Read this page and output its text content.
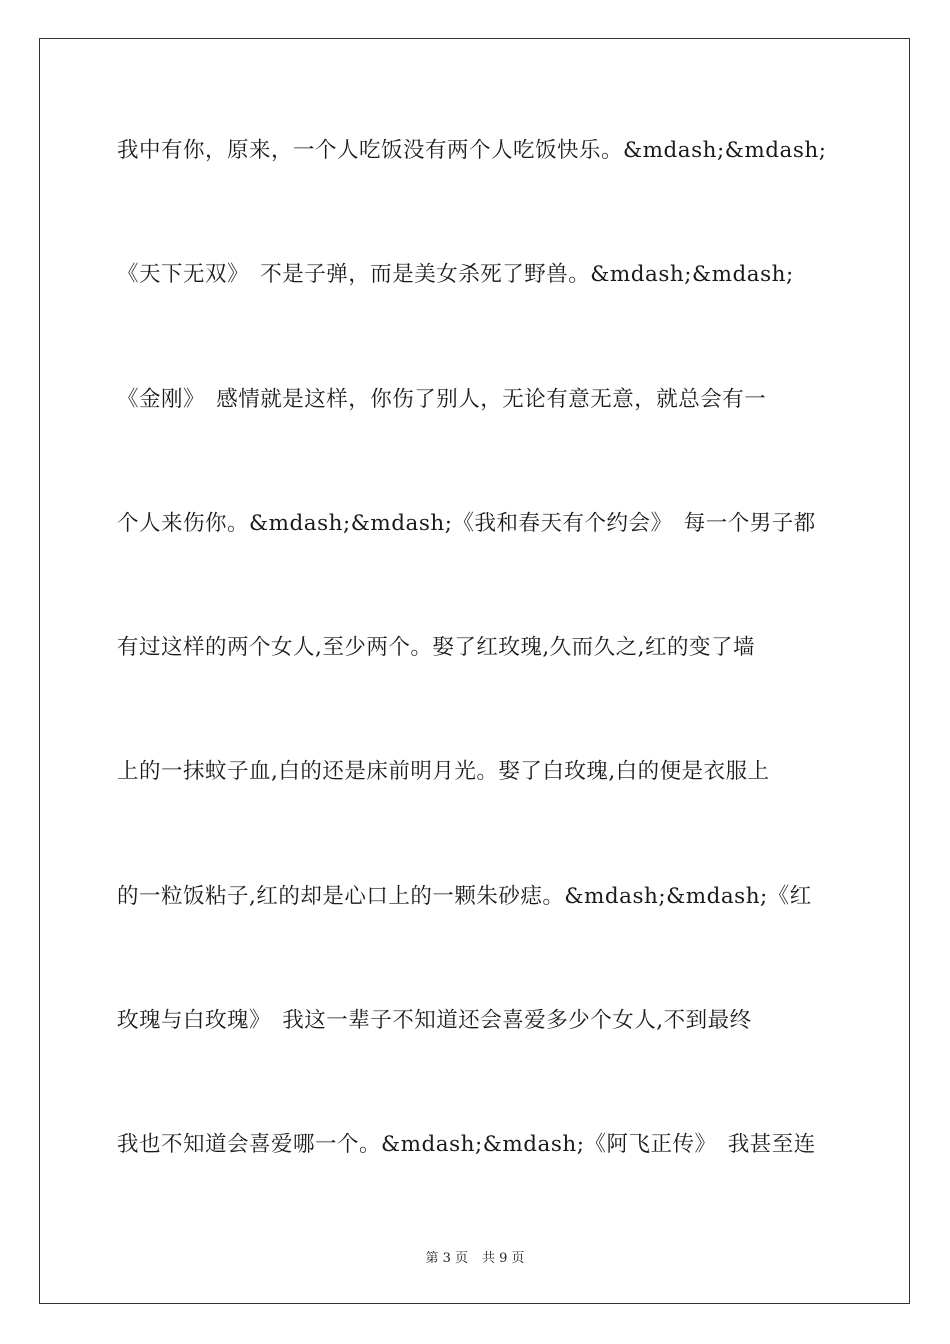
我中有你，原来，一个人吃饭没有两个人吃饭快乐。&mdash;&mdash;
《天下无双》　不是子弹，而是美女杀死了野兽。&mdash;&mdash;
《金刚》　感情就是这样，你伤了别人，无论有意无意，就总会有一
个人来伤你。&mdash;&mdash;《我和春天有个约会》　每一个男子都
有过这样的两个女人,至少两个。娶了红玫瑰,久而久之,红的变了墙
上的一抹蚊子血,白的还是床前明月光。娶了白玫瑰,白的便是衣服上
的一粒饭粘子,红的却是心口上的一颗朱砂痣。&mdash;&mdash;《红
玫瑰与白玫瑰》　我这一辈子不知道还会喜爱多少个女人,不到最终
我也不知道会喜爱哪一个。&mdash;&mdash;《阿飞正传》　我甚至连
第 3 页 共 9 页
